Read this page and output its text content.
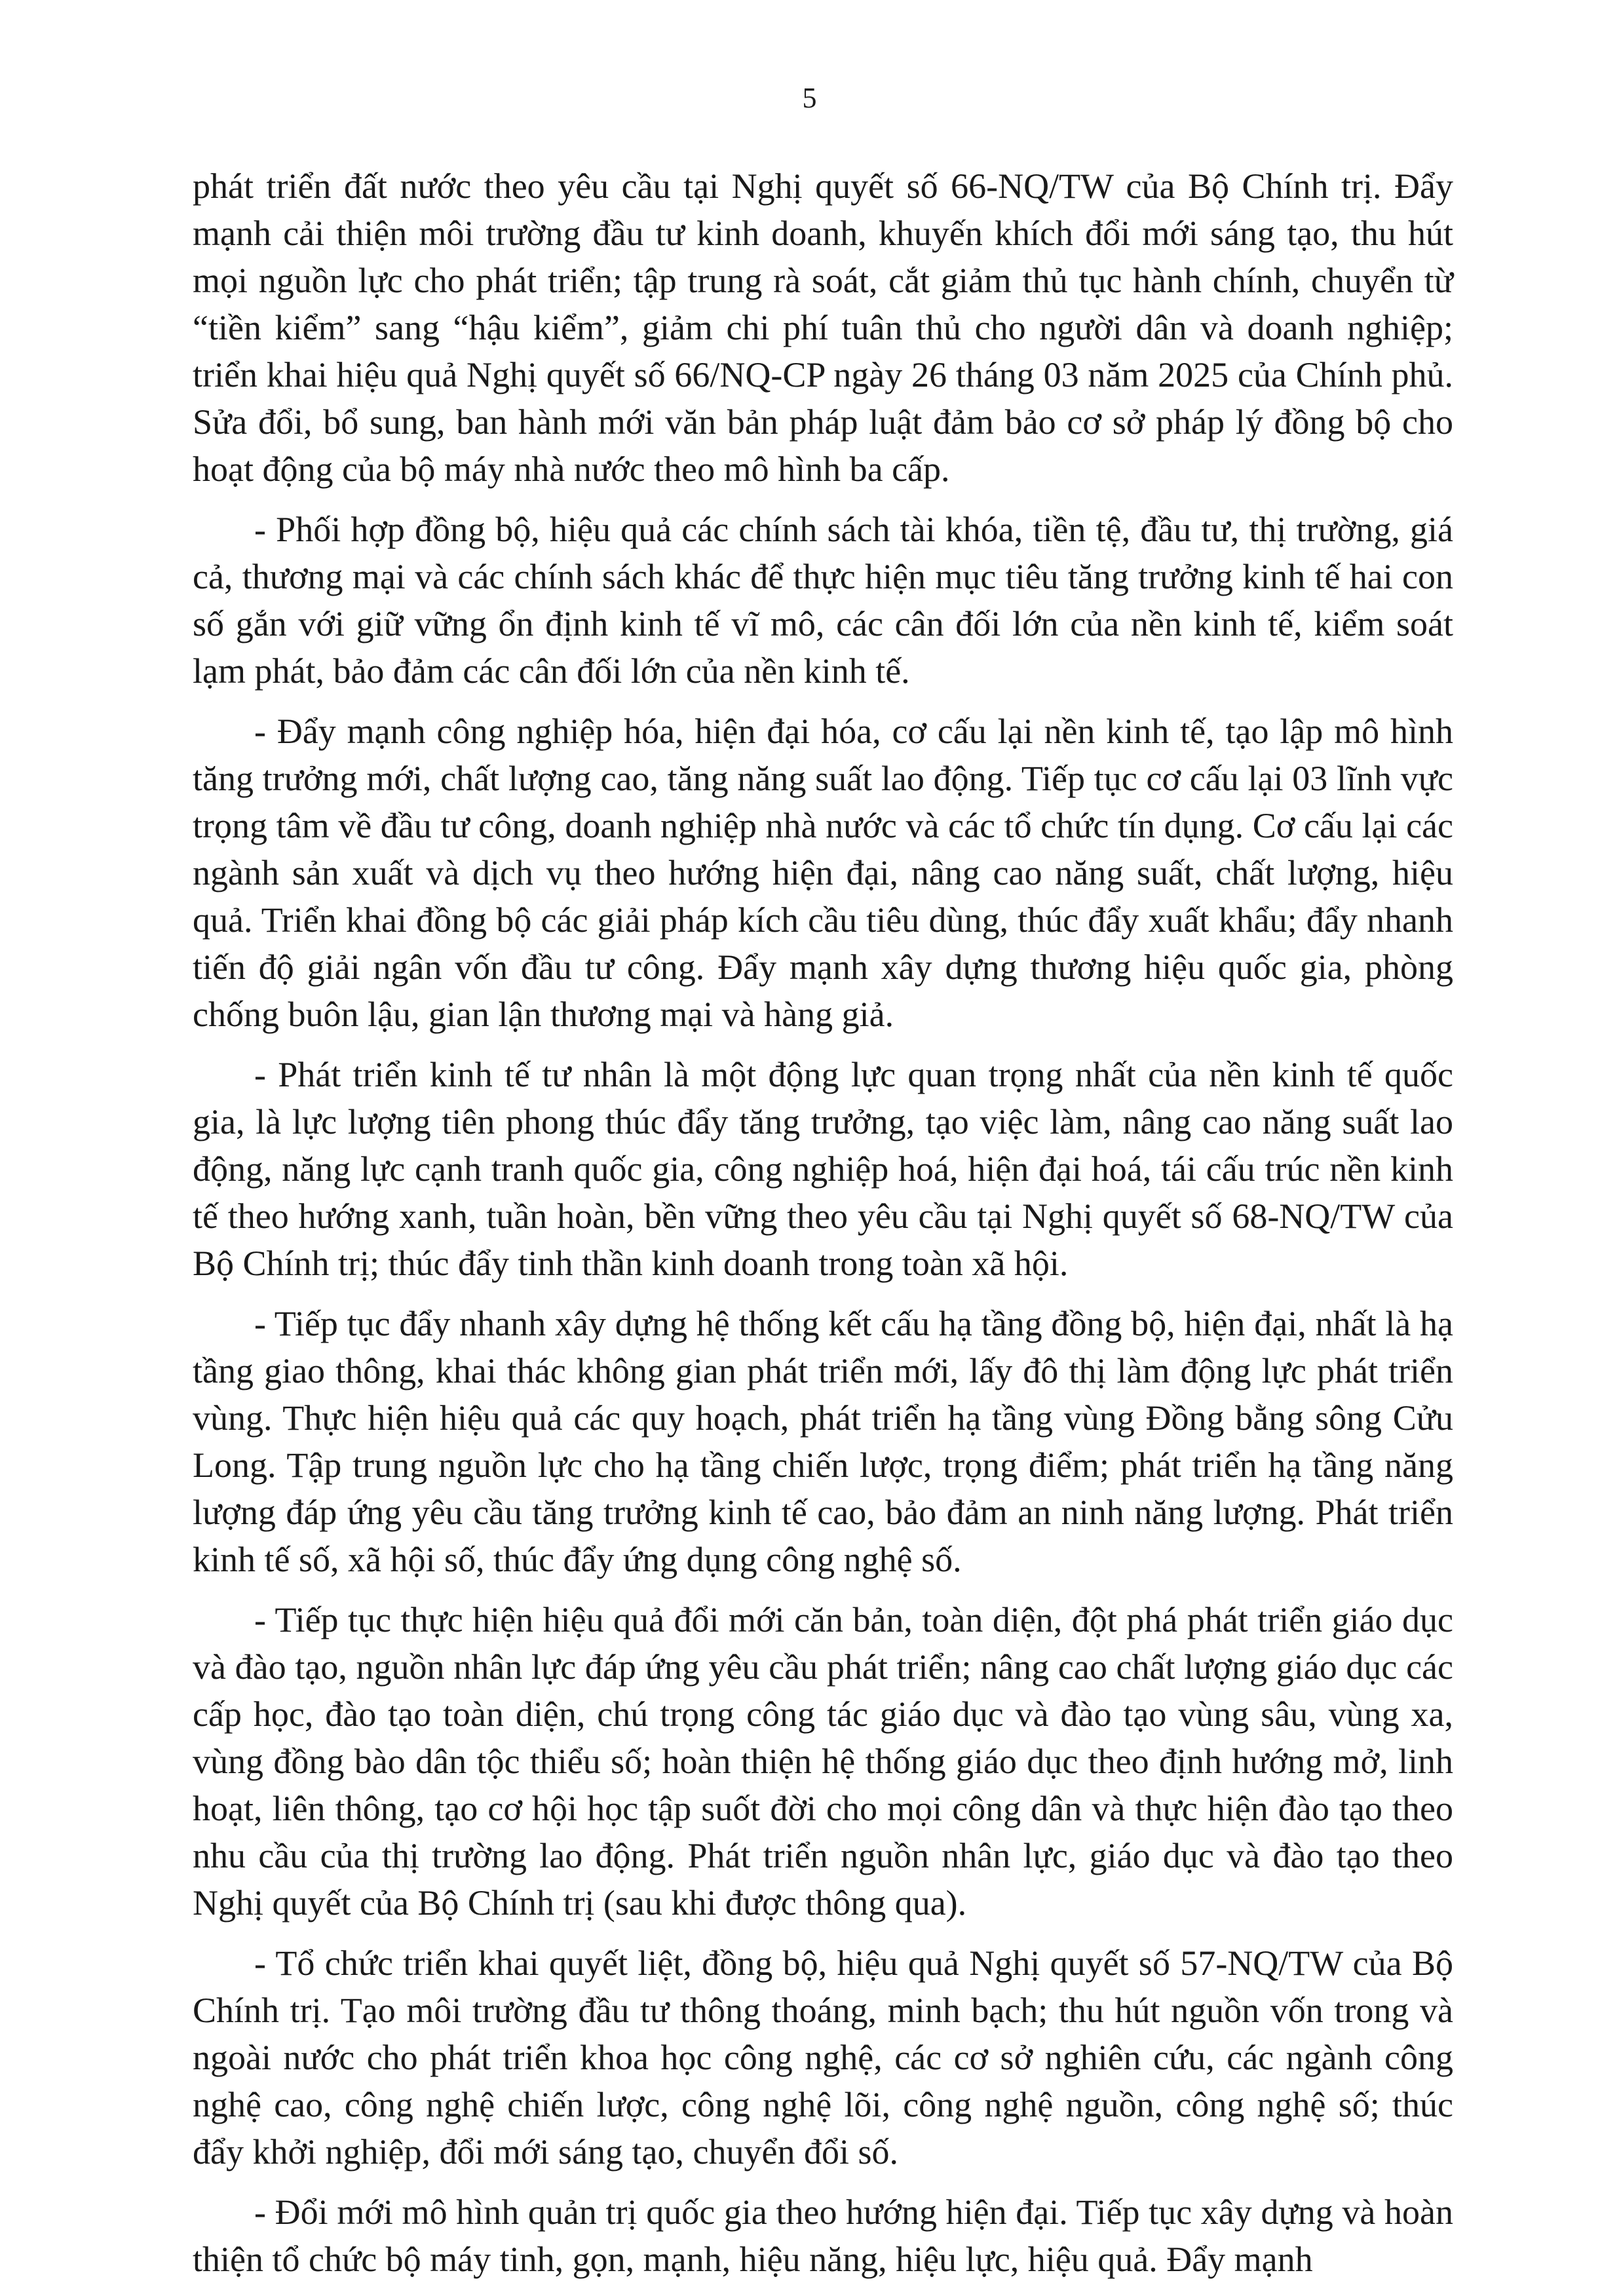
5

phát triển đất nước theo yêu cầu tại Nghị quyết số 66-NQ/TW của Bộ Chính trị. Đẩy mạnh cải thiện môi trường đầu tư kinh doanh, khuyến khích đổi mới sáng tạo, thu hút mọi nguồn lực cho phát triển; tập trung rà soát, cắt giảm thủ tục hành chính, chuyển từ “tiền kiểm” sang “hậu kiểm”, giảm chi phí tuân thủ cho người dân và doanh nghiệp; triển khai hiệu quả Nghị quyết số 66/NQ-CP ngày 26 tháng 03 năm 2025 của Chính phủ. Sửa đổi, bổ sung, ban hành mới văn bản pháp luật đảm bảo cơ sở pháp lý đồng bộ cho hoạt động của bộ máy nhà nước theo mô hình ba cấp.

- Phối hợp đồng bộ, hiệu quả các chính sách tài khóa, tiền tệ, đầu tư, thị trường, giá cả, thương mại và các chính sách khác để thực hiện mục tiêu tăng trưởng kinh tế hai con số gắn với giữ vững ổn định kinh tế vĩ mô, các cân đối lớn của nền kinh tế, kiểm soát lạm phát, bảo đảm các cân đối lớn của nền kinh tế.

- Đẩy mạnh công nghiệp hóa, hiện đại hóa, cơ cấu lại nền kinh tế, tạo lập mô hình tăng trưởng mới, chất lượng cao, tăng năng suất lao động. Tiếp tục cơ cấu lại 03 lĩnh vực trọng tâm về đầu tư công, doanh nghiệp nhà nước và các tổ chức tín dụng. Cơ cấu lại các ngành sản xuất và dịch vụ theo hướng hiện đại, nâng cao năng suất, chất lượng, hiệu quả. Triển khai đồng bộ các giải pháp kích cầu tiêu dùng, thúc đẩy xuất khẩu; đẩy nhanh tiến độ giải ngân vốn đầu tư công. Đẩy mạnh xây dựng thương hiệu quốc gia, phòng chống buôn lậu, gian lận thương mại và hàng giả.

- Phát triển kinh tế tư nhân là một động lực quan trọng nhất của nền kinh tế quốc gia, là lực lượng tiên phong thúc đẩy tăng trưởng, tạo việc làm, nâng cao năng suất lao động, năng lực cạnh tranh quốc gia, công nghiệp hoá, hiện đại hoá, tái cấu trúc nền kinh tế theo hướng xanh, tuần hoàn, bền vững theo yêu cầu tại Nghị quyết số 68-NQ/TW của Bộ Chính trị; thúc đẩy tinh thần kinh doanh trong toàn xã hội.

- Tiếp tục đẩy nhanh xây dựng hệ thống kết cấu hạ tầng đồng bộ, hiện đại, nhất là hạ tầng giao thông, khai thác không gian phát triển mới, lấy đô thị làm động lực phát triển vùng. Thực hiện hiệu quả các quy hoạch, phát triển hạ tầng vùng Đồng bằng sông Cửu Long. Tập trung nguồn lực cho hạ tầng chiến lược, trọng điểm; phát triển hạ tầng năng lượng đáp ứng yêu cầu tăng trưởng kinh tế cao, bảo đảm an ninh năng lượng. Phát triển kinh tế số, xã hội số, thúc đẩy ứng dụng công nghệ số.

- Tiếp tục thực hiện hiệu quả đổi mới căn bản, toàn diện, đột phá phát triển giáo dục và đào tạo, nguồn nhân lực đáp ứng yêu cầu phát triển; nâng cao chất lượng giáo dục các cấp học, đào tạo toàn diện, chú trọng công tác giáo dục và đào tạo vùng sâu, vùng xa, vùng đồng bào dân tộc thiểu số; hoàn thiện hệ thống giáo dục theo định hướng mở, linh hoạt, liên thông, tạo cơ hội học tập suốt đời cho mọi công dân và thực hiện đào tạo theo nhu cầu của thị trường lao động. Phát triển nguồn nhân lực, giáo dục và đào tạo theo Nghị quyết của Bộ Chính trị (sau khi được thông qua).

- Tổ chức triển khai quyết liệt, đồng bộ, hiệu quả Nghị quyết số 57-NQ/TW của Bộ Chính trị. Tạo môi trường đầu tư thông thoáng, minh bạch; thu hút nguồn vốn trong và ngoài nước cho phát triển khoa học công nghệ, các cơ sở nghiên cứu, các ngành công nghệ cao, công nghệ chiến lược, công nghệ lõi, công nghệ nguồn, công nghệ số; thúc đẩy khởi nghiệp, đổi mới sáng tạo, chuyển đổi số.

- Đổi mới mô hình quản trị quốc gia theo hướng hiện đại. Tiếp tục xây dựng và hoàn thiện tổ chức bộ máy tinh, gọn, mạnh, hiệu năng, hiệu lực, hiệu quả. Đẩy mạnh
